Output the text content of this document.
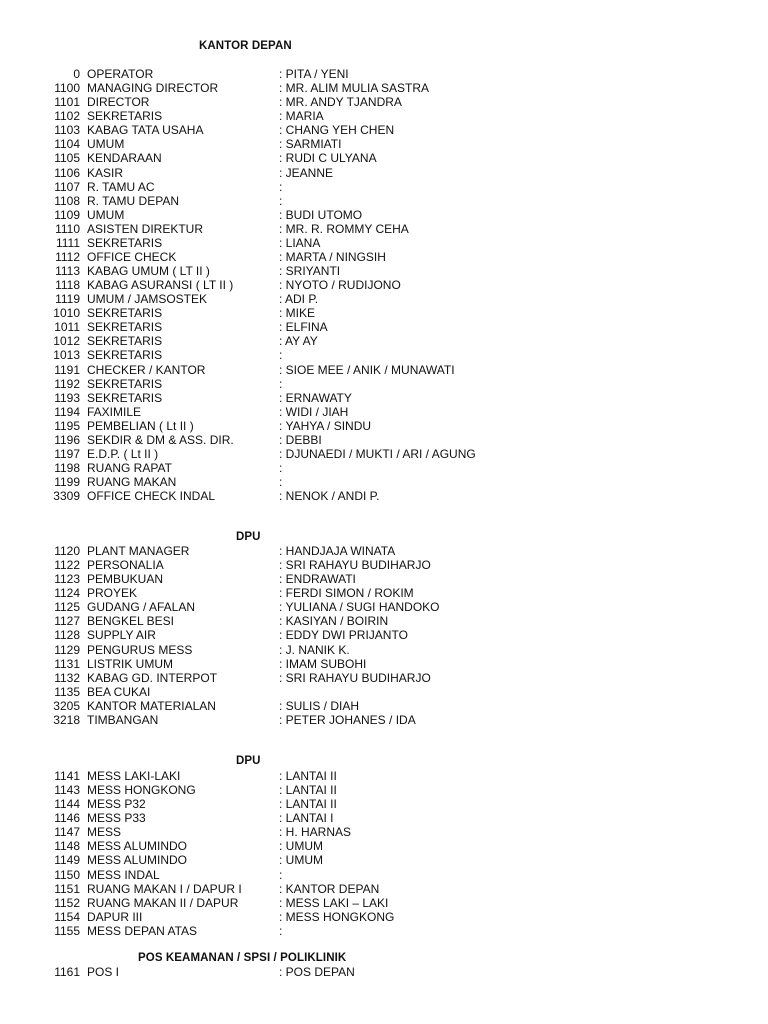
KANTOR DEPAN
0 OPERATOR	: PITA / YENI
1100 MANAGING DIRECTOR	: MR. ALIM MULIA SASTRA
1101 DIRECTOR	: MR. ANDY TJANDRA
1102 SEKRETARIS	: MARIA
1103 KABAG TATA USAHA	: CHANG YEH CHEN
1104 UMUM	: SARMIATI
1105 KENDARAAN	: RUDI C ULYANA
1106 KASIR	: JEANNE
1107 R. TAMU AC	:
1108 R. TAMU DEPAN	:
1109 UMUM	: BUDI UTOMO
1110 ASISTEN DIREKTUR	: MR. R. ROMMY CEHA
1111 SEKRETARIS	: LIANA
1112 OFFICE CHECK	: MARTA / NINGSIH
1113 KABAG UMUM ( LT II )	: SRIYANTI
1118 KABAG ASURANSI ( LT II )	: NYOTO / RUDIJONO
1119 UMUM / JAMSOSTEK	: ADI P.
1010 SEKRETARIS	: MIKE
1011 SEKRETARIS	: ELFINA
1012 SEKRETARIS	: AY AY
1013 SEKRETARIS	:
1191 CHECKER / KANTOR	: SIOE MEE / ANIK / MUNAWATI
1192 SEKRETARIS	:
1193 SEKRETARIS	: ERNAWATY
1194 FAXIMILE	: WIDI / JIAH
1195 PEMBELIAN ( Lt II )	: YAHYA / SINDU
1196 SEKDIR & DM & ASS. DIR.	: DEBBI
1197 E.D.P. ( Lt II )	: DJUNAEDI / MUKTI / ARI / AGUNG
1198 RUANG RAPAT	:
1199 RUANG MAKAN	:
3309 OFFICE CHECK INDAL	: NENOK / ANDI P.
DPU
1120 PLANT MANAGER	: HANDJAJA WINATA
1122 PERSONALIA	: SRI RAHAYU BUDIHARJO
1123 PEMBUKUAN	: ENDRAWATI
1124 PROYEK	: FERDI SIMON / ROKIM
1125 GUDANG / AFALAN	: YULIANA / SUGI HANDOKO
1127 BENGKEL BESI	: KASIYAN / BOIRIN
1128 SUPPLY AIR	: EDDY DWI PRIJANTO
1129 PENGURUS MESS	: J. NANIK K.
1131 LISTRIK UMUM	: IMAM SUBOHI
1132 KABAG GD. INTERPOT	: SRI RAHAYU BUDIHARJO
1135 BEA CUKAI
3205 KANTOR MATERIALAN	: SULIS / DIAH
3218 TIMBANGAN	: PETER JOHANES / IDA
DPU
1141 MESS LAKI-LAKI	: LANTAI II
1143 MESS HONGKONG	: LANTAI II
1144 MESS P32	: LANTAI II
1146 MESS P33	: LANTAI I
1147 MESS	: H. HARNAS
1148 MESS ALUMINDO	: UMUM
1149 MESS ALUMINDO	: UMUM
1150 MESS INDAL	:
1151 RUANG MAKAN I / DAPUR I	: KANTOR DEPAN
1152 RUANG MAKAN II / DAPUR	: MESS LAKI – LAKI
1154 DAPUR III	: MESS HONGKONG
1155 MESS DEPAN ATAS	:
POS KEAMANAN / SPSI / POLIKLINIK
1161 POS I	: POS DEPAN
